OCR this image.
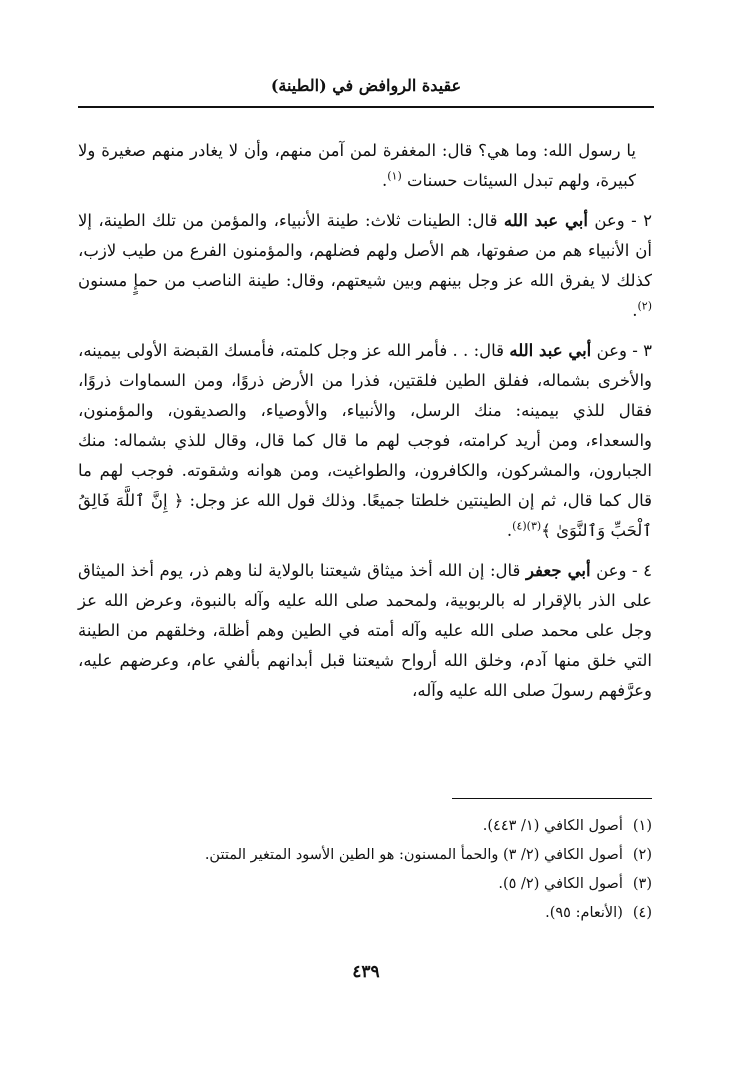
عقيدة الروافض في (الطينة)

يا رسول الله: وما هي؟ قال: المغفرة لمن آمن منهم، وأن لا يغادر منهم صغيرة ولا كبيرة، ولهم تبدل السيئات حسنات $^{(١)}$.

٢ - وعن أبي عبد الله قال: الطينات ثلاث: طينة الأنبياء، والمؤمن من تلك الطينة، إلا أن الأنبياء هم من صفوتها، هم الأصل ولهم فضلهم، والمؤمنون الفرع من طيب لازب، كذلك لا يفرق الله عز وجل بينهم وبين شيعتهم، وقال: طينة الناصب من حمإٍ مسنون $^{(٢)}$.

٣ - وعن أبي عبد الله قال: . . فأمر الله عز وجل كلمته، فأمسك القبضة الأولى بيمينه، والأخرى بشماله، ففلق الطين فلقتين، فذرا من الأرض ذروًا، ومن السماوات ذروًا، فقال للذي بيمينه: منك الرسل، والأنبياء، والأوصياء، والصديقون، والمؤمنون، والسعداء، ومن أريد كرامته، فوجب لهم ما قال كما قال، وقال للذي بشماله: منك الجبارون، والمشركون، والكافرون، والطواغيت، ومن هوانه وشقوته. فوجب لهم ما قال كما قال، ثم إن الطينتين خلطتا جميعًا. وذلك قول الله عز وجل: ﴿ إِنَّ ٱللَّهَ فَالِقُ ٱلْحَبِّ وَٱلنَّوَىٰ ﴾$^{(٣)(٤)}$.

٤ - وعن أبي جعفر قال: إن الله أخذ ميثاق شيعتنا بالولاية لنا وهم ذر، يوم أخذ الميثاق على الذر بالإقرار له بالربوبية، ولمحمد صلى الله عليه وآله بالنبوة، وعرض الله عز وجل على محمد صلى الله عليه وآله أمته في الطين وهم أظلة، وخلقهم من الطينة التي خلق منها آدم، وخلق الله أرواح شيعتنا قبل أبدانهم بألفي عام، وعرضهم عليه، وعرَّفهم رسولَ صلى الله عليه وآله،

(١)أصول الكافي (١/ ٤٤٣).
(٢)أصول الكافي (٢/ ٣) والحمأ المسنون: هو الطين الأسود المتغير المتتن.
(٣)أصول الكافي (٢/ ٥).
(٤)(الأنعام: ٩٥).
٤٣٩
